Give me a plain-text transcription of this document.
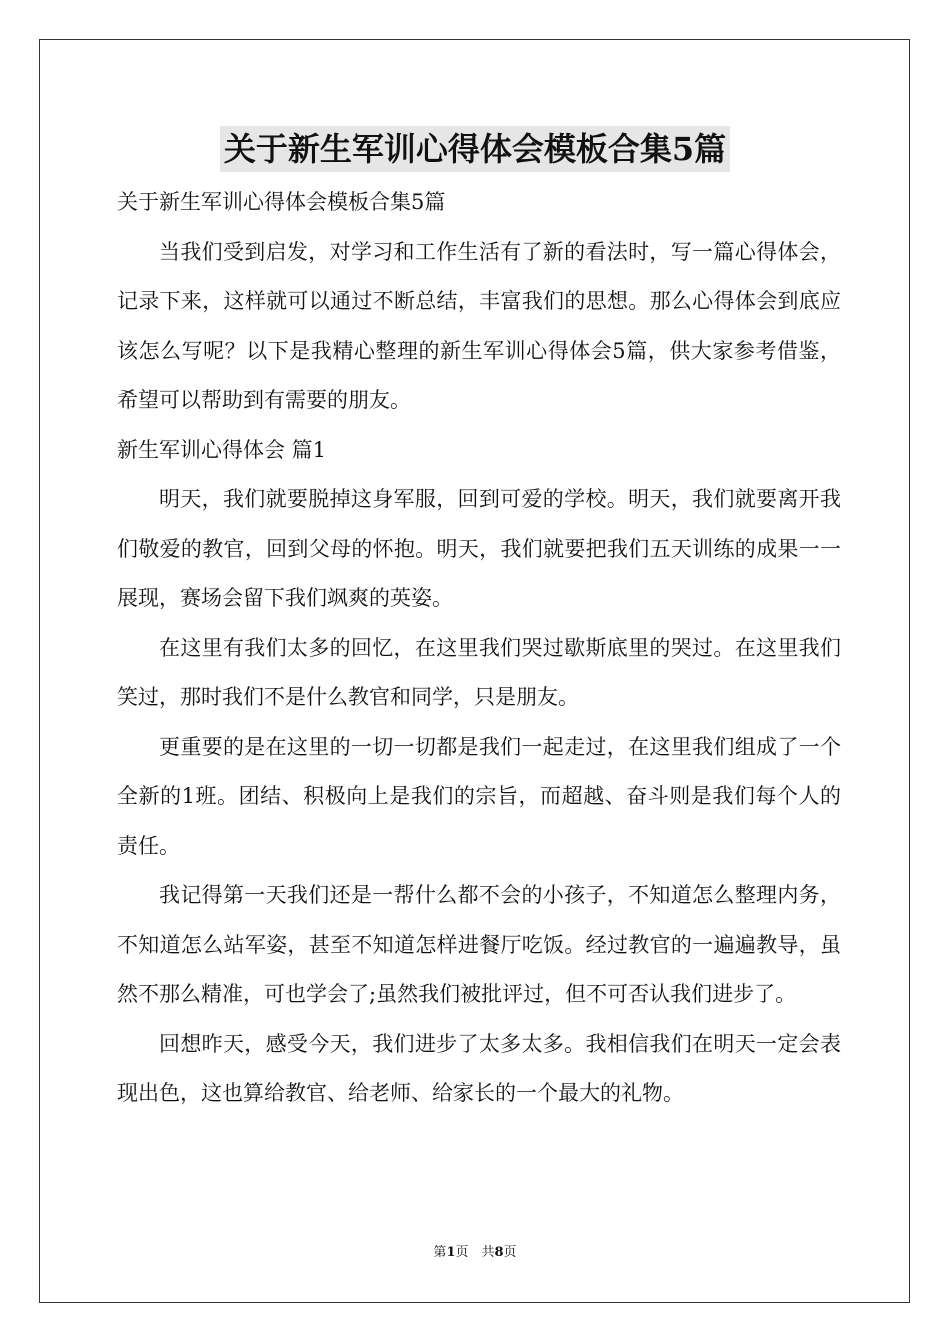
关于新生军训心得体会模板合集5篇

关于新生军训心得体会模板合集5篇

当我们受到启发，对学习和工作生活有了新的看法时，写一篇心得体会，记录下来，这样就可以通过不断总结，丰富我们的思想。那么心得体会到底应该怎么写呢？以下是我精心整理的新生军训心得体会5篇，供大家参考借鉴，希望可以帮助到有需要的朋友。

新生军训心得体会 篇1

明天，我们就要脱掉这身军服，回到可爱的学校。明天，我们就要离开我们敬爱的教官，回到父母的怀抱。明天，我们就要把我们五天训练的成果一一展现，赛场会留下我们飒爽的英姿。

在这里有我们太多的回忆，在这里我们哭过歇斯底里的哭过。在这里我们笑过，那时我们不是什么教官和同学，只是朋友。

更重要的是在这里的一切一切都是我们一起走过，在这里我们组成了一个全新的1班。团结、积极向上是我们的宗旨，而超越、奋斗则是我们每个人的责任。

我记得第一天我们还是一帮什么都不会的小孩子，不知道怎么整理内务，不知道怎么站军姿，甚至不知道怎样进餐厅吃饭。经过教官的一遍遍教导，虽然不那么精准，可也学会了;虽然我们被批评过，但不可否认我们进步了。

回想昨天，感受今天，我们进步了太多太多。我相信我们在明天一定会表现出色，这也算给教官、给老师、给家长的一个最大的礼物。

第1页　共8页
